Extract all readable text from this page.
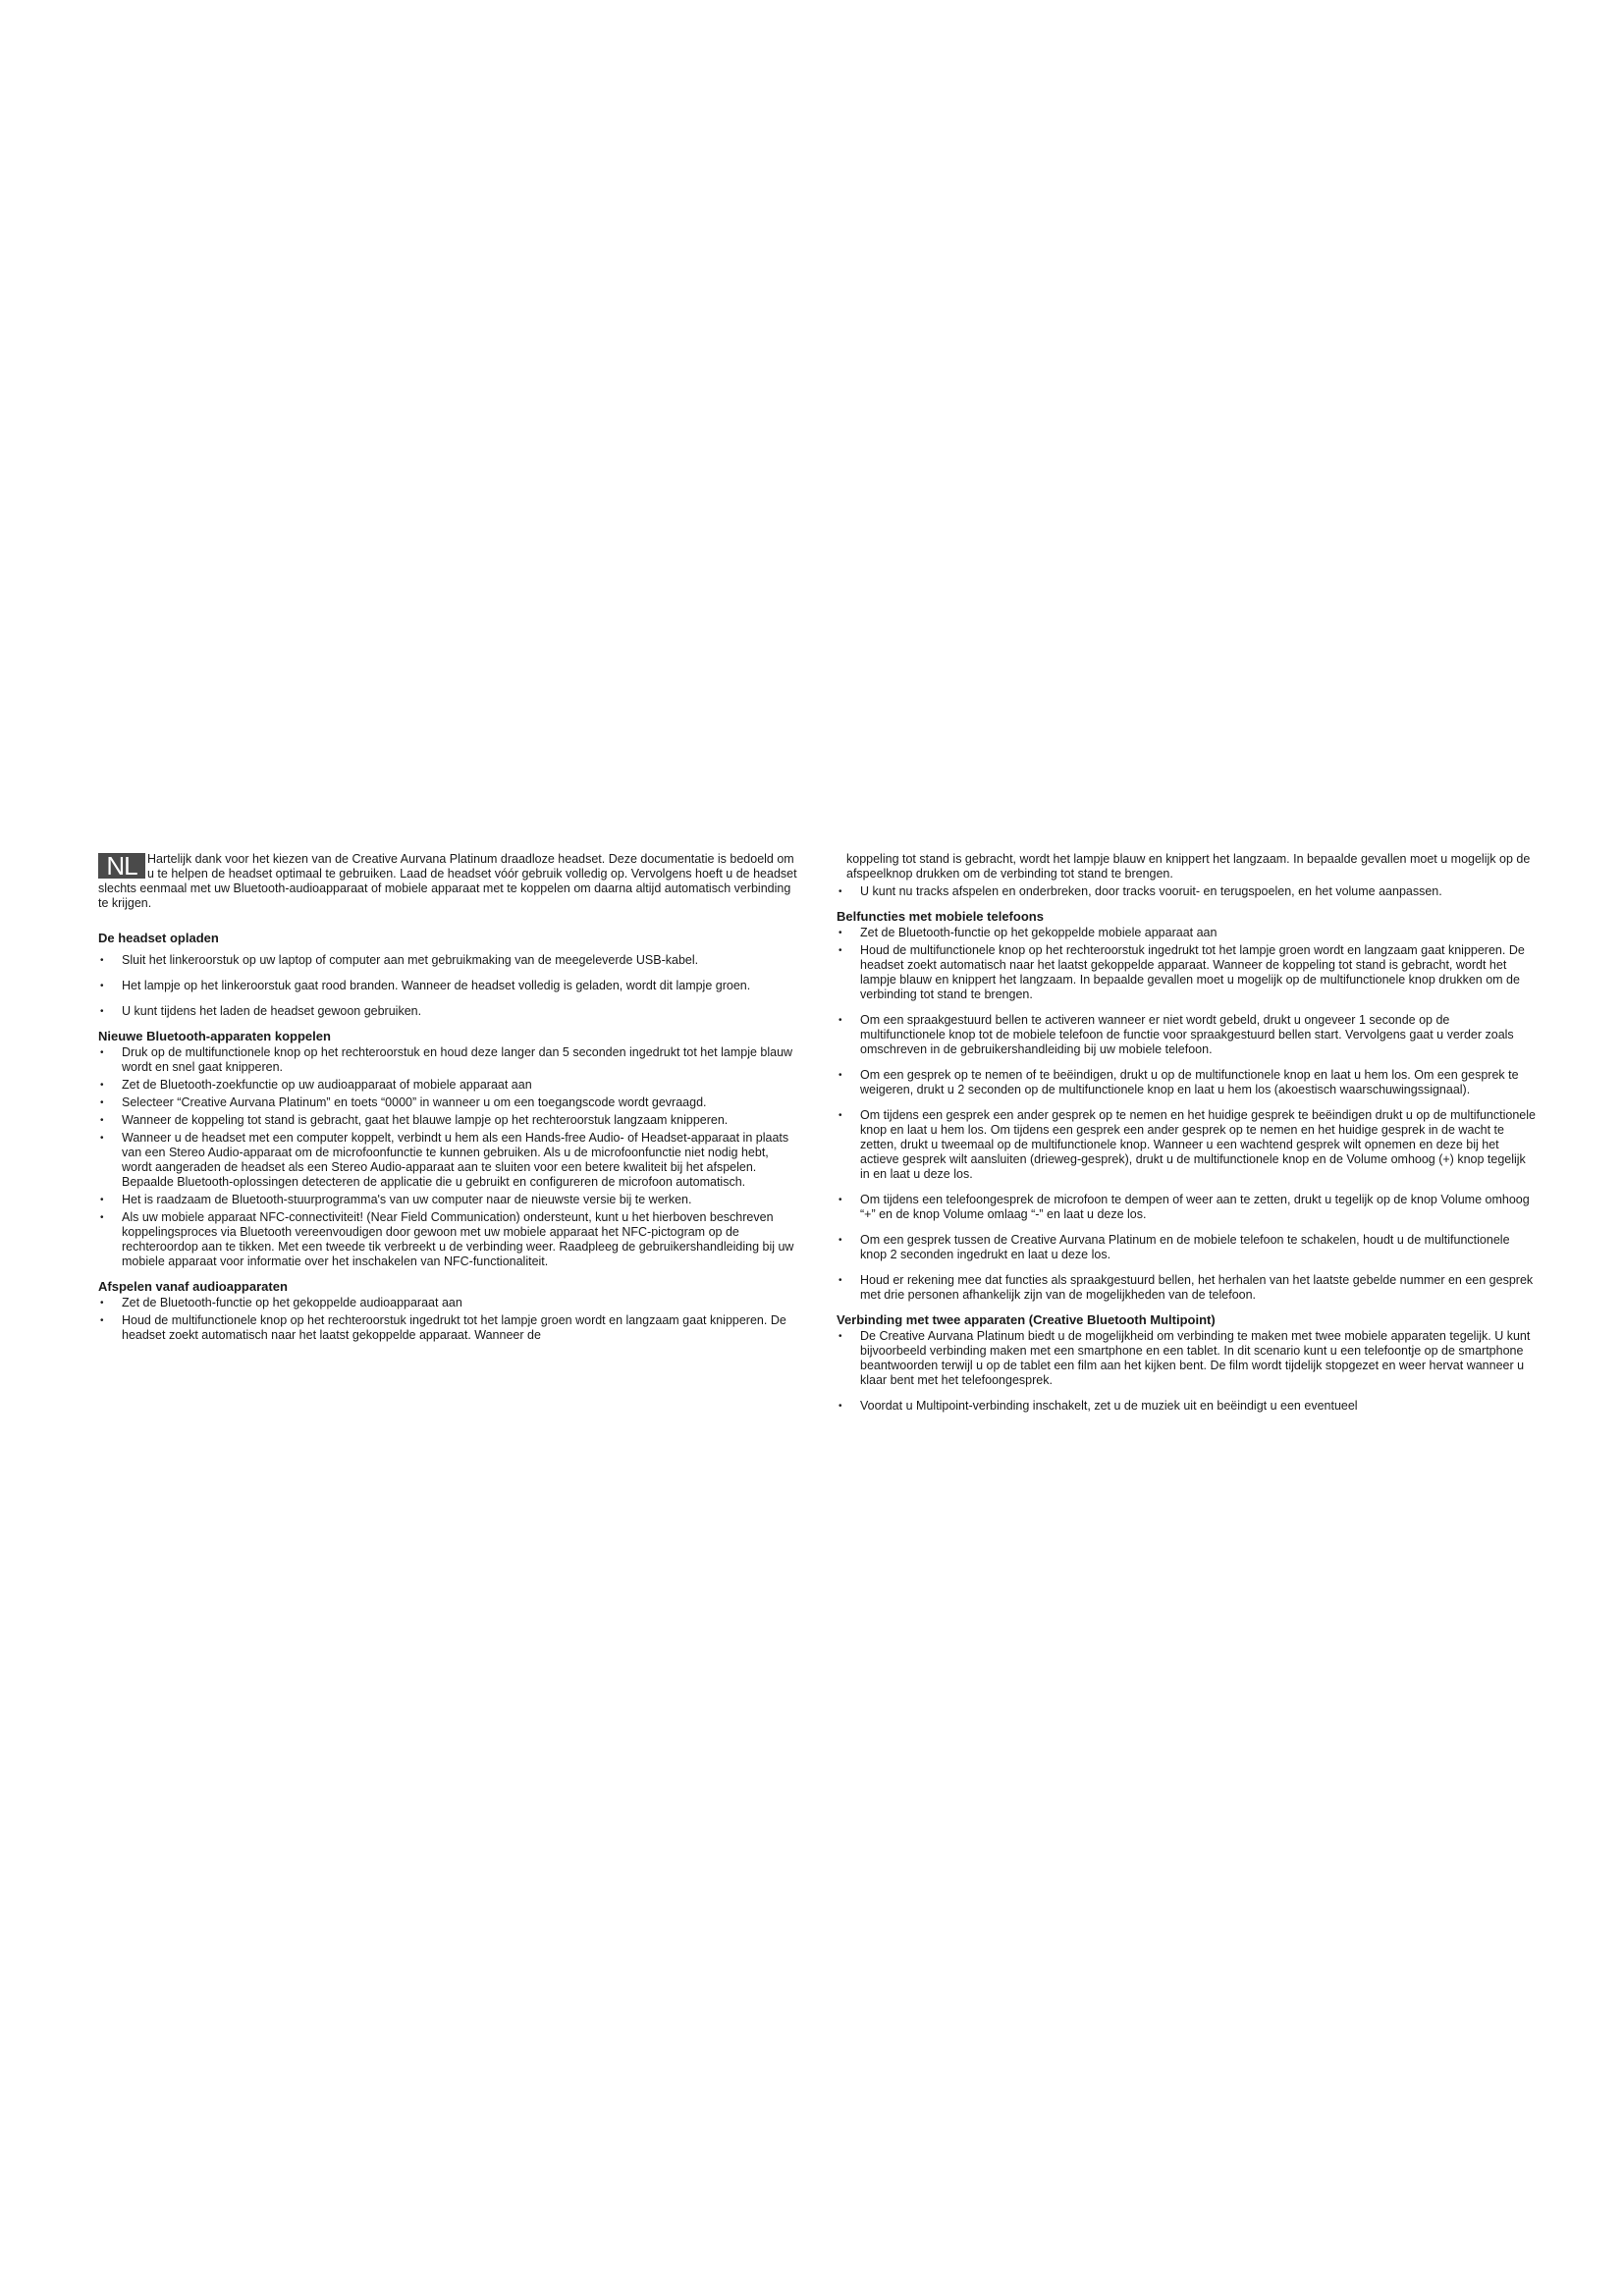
NL Hartelijk dank voor het kiezen van de Creative Aurvana Platinum draadloze headset. Deze documentatie is bedoeld om u te helpen de headset optimaal te gebruiken. Laad de headset vóór gebruik volledig op. Vervolgens hoeft u de headset slechts eenmaal met uw Bluetooth-audioapparaat of mobiele apparaat met te koppelen om daarna altijd automatisch verbinding te krijgen.

De headset opladen
• Sluit het linkeroorstuk op uw laptop of computer aan met gebruikmaking van de meegeleverde USB-kabel.
• Het lampje op het linkeroorstuk gaat rood branden. Wanneer de headset volledig is geladen, wordt dit lampje groen.
• U kunt tijdens het laden de headset gewoon gebruiken.
Nieuwe Bluetooth-apparaten koppelen
• Druk op de multifunctionele knop op het rechteroorstuk en houd deze langer dan 5 seconden ingedrukt tot het lampje blauw wordt en snel gaat knipperen.
• Zet de Bluetooth-zoekfunctie op uw audioapparaat of mobiele apparaat aan
• Selecteer “Creative Aurvana Platinum” en toets “0000” in wanneer u om een toegangscode wordt gevraagd.
• Wanneer de koppeling tot stand is gebracht, gaat het blauwe lampje op het rechteroorstuk langzaam knipperen.
• Wanneer u de headset met een computer koppelt, verbindt u hem als een Hands-free Audio- of Headset-apparaat in plaats van een Stereo Audio-apparaat om de microfoonfunctie te kunnen gebruiken. Als u de microfoonfunctie niet nodig hebt, wordt aangeraden de headset als een Stereo Audio-apparaat aan te sluiten voor een betere kwaliteit bij het afspelen. Bepaalde Bluetooth-oplossingen detecteren de applicatie die u gebruikt en configureren de microfoon automatisch.
• Het is raadzaam de Bluetooth-stuurprogramma's van uw computer naar de nieuwste versie bij te werken.
• Als uw mobiele apparaat NFC-connectiviteit! (Near Field Communication) ondersteunt, kunt u het hierboven beschreven koppelingsproces via Bluetooth vereenvoudigen door gewoon met uw mobiele apparaat het NFC-pictogram op de rechteroordop aan te tikken. Met een tweede tik verbreekt u de verbinding weer. Raadpleeg de gebruikershandleiding bij uw mobiele apparaat voor informatie over het inschakelen van NFC-functionaliteit.
Afspelen vanaf audioapparaten
• Zet de Bluetooth-functie op het gekoppelde audioapparaat aan
• Houd de multifunctionele knop op het rechteroorstuk ingedrukt tot het lampje groen wordt en langzaam gaat knipperen. De headset zoekt automatisch naar het laatst gekoppelde apparaat. Wanneer de

koppeling tot stand is gebracht, wordt het lampje blauw en knippert het langzaam. In bepaalde gevallen moet u mogelijk op de afspeelknop drukken om de verbinding tot stand te brengen.

• U kunt nu tracks afspelen en onderbreken, door tracks vooruit- en terugspoelen, en het volume aanpassen.
Belfuncties met mobiele telefoons
• Zet de Bluetooth-functie op het gekoppelde mobiele apparaat aan
• Houd de multifunctionele knop op het rechteroorstuk ingedrukt tot het lampje groen wordt en langzaam gaat knipperen. De headset zoekt automatisch naar het laatst gekoppelde apparaat. Wanneer de koppeling tot stand is gebracht, wordt het lampje blauw en knippert het langzaam. In bepaalde gevallen moet u mogelijk op de multifunctionele knop drukken om de verbinding tot stand te brengen.
• Om een spraakgestuurd bellen te activeren wanneer er niet wordt gebeld, drukt u ongeveer 1 seconde op de multifunctionele knop tot de mobiele telefoon de functie voor spraakgestuurd bellen start. Vervolgens gaat u verder zoals omschreven in de gebruikershandleiding bij uw mobiele telefoon.
• Om een gesprek op te nemen of te beëindigen, drukt u op de multifunctionele knop en laat u hem los. Om een gesprek te weigeren, drukt u 2 seconden op de multifunctionele knop en laat u hem los (akoestisch waarschuwingssignaal).
• Om tijdens een gesprek een ander gesprek op te nemen en het huidige gesprek te beëindigen drukt u op de multifunctionele knop en laat u hem los. Om tijdens een gesprek een ander gesprek op te nemen en het huidige gesprek in de wacht te zetten, drukt u tweemaal op de multifunctionele knop. Wanneer u een wachtend gesprek wilt opnemen en deze bij het actieve gesprek wilt aansluiten (drieweg-gesprek), drukt u de multifunctionele knop en de Volume omhoog (+) knop tegelijk in en laat u deze los.
• Om tijdens een telefoongesprek de microfoon te dempen of weer aan te zetten, drukt u tegelijk op de knop Volume omhoog “+” en de knop Volume omlaag “-” en laat u deze los.
• Om een gesprek tussen de Creative Aurvana Platinum en de mobiele telefoon te schakelen, houdt u de multifunctionele knop 2 seconden ingedrukt en laat u deze los.
• Houd er rekening mee dat functies als spraakgestuurd bellen, het herhalen van het laatste gebelde nummer en een gesprek met drie personen afhankelijk zijn van de mogelijkheden van de telefoon.
Verbinding met twee apparaten (Creative Bluetooth Multipoint)
• De Creative Aurvana Platinum biedt u de mogelijkheid om verbinding te maken met twee mobiele apparaten tegelijk. U kunt bijvoorbeeld verbinding maken met een smartphone en een tablet. In dit scenario kunt u een telefoontje op de smartphone beantwoorden terwijl u op de tablet een film aan het kijken bent. De film wordt tijdelijk stopgezet en weer hervat wanneer u klaar bent met het telefoongesprek.
• Voordat u Multipoint-verbinding inschakelt, zet u de muziek uit en beëindigt u een eventueel
